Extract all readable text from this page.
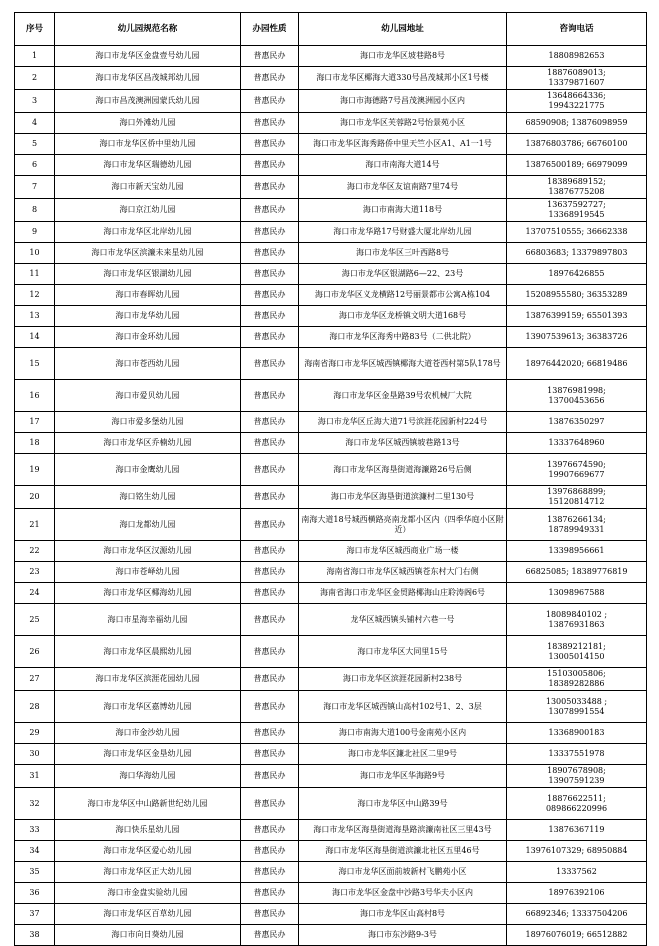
序号	幼儿园规范名称	办园性质	幼儿园地址	咨询电话
1	海口市龙华区金盘壹号幼儿园	普惠民办	海口市龙华区坡巷路8号	18808982653
2	海口市龙华区昌茂城邦幼儿园	普惠民办	海口市龙华区椰海大道330号昌茂城邦小区1号楼	18876089013;
13379871607
3	海口市昌茂澳洲园蒙氏幼儿园	普惠民办	海口市海德路7号昌茂澳洲园小区内	13648664336;
19943221775
4	海口外滩幼儿园	普惠民办	海口市龙华区芙蓉路2号怡景苑小区	68590908; 13876098959
5	海口市龙华区侨中里幼儿园	普惠民办	海口市龙华区海秀路侨中里天竺小区A1、A1一1号	13876803786; 66760100
6	海口市龙华区瑞德幼儿园	普惠民办	海口市南海大道14号	13876500189; 66979099
7	海口市新天宝幼儿园	普惠民办	海口市龙华区友谊南路7里74号	18389689152;
13876775208
8	海口京江幼儿园	普惠民办	海口市南海大道118号	13637592727;
13368919545
9	海口市龙华区北岸幼儿园	普惠民办	海口市龙华路17号财盛大厦北岸幼儿园	13707510555; 36662338
10	海口市龙华区滨濂未来星幼儿园	普惠民办	海口市龙华区三叶西路8号	66803683; 13379897803
11	海口市龙华区银湖幼儿园	普惠民办	海口市龙华区银湖路6—22、23号	18976426855
12	海口市春晖幼儿园	普惠民办	海口市龙华区义龙横路12号丽景都市公寓A栋104	15208955580; 36353289
13	海口市龙华幼儿园	普惠民办	海口市龙华区龙桥镇文明大道168号	13876399159; 65501393
14	海口市金环幼儿园	普惠民办	海口市龙华区海秀中路83号（二供北院）	13907539613; 36383726
15	海口市苍西幼儿园	普惠民办	海南省海口市龙华区城西镇椰海大道苍西村第5队178号	18976442020; 66819486
16	海口市爱贝幼儿园	普惠民办	海口市龙华区金垦路39号农机械厂大院	13876981998;
13700453656
17	海口市爱多堡幼儿园	普惠民办	海口市龙华区丘海大道71号滨涯花园新村224号	13876350297
18	海口市龙华区乔楠幼儿园	普惠民办	海口市龙华区城西镇坡巷路13号	13337648960
19	海口市金鹰幼儿园	普惠民办	海口市龙华区海垦街道海濂路26号后侧	13976674590;
19907669677
20	海口铭生幼儿园	普惠民办	海口市龙华区海垦街道滨濂村二里130号	13976868899;
15120814712
21	海口龙都幼儿园	普惠民办	南海大道18号城西横路亮南龙都小区内（四季华庭小区附近）	13876266134;
18789949331
22	海口市龙华区汉源幼儿园	普惠民办	海口市龙华区城西商业广场一楼	13398956661
23	海口市苍峄幼儿园	普惠民办	海南省海口市龙华区城西镇苍东村大门右侧	66825085; 18389776819
24	海口市龙华区椰海幼儿园	普惠民办	海南省海口市龙华区金贸路椰海山庄聆涛阁6号	13098967588
25	海口市星海幸福幼儿园	普惠民办	龙华区城西镇头铺村六巷一号	18089840102 ;
13876931863
26	海口市龙华区晨熙幼儿园	普惠民办	海口市龙华区大同里15号	18389212181;
13005014150
27	海口市龙华区滨涯花园幼儿园	普惠民办	海口市龙华区滨涯花园新村238号	15103005806;
18389282886
28	海口市龙华区嘉博幼儿园	普惠民办	海口市龙华区城西镇山高村102号1、2、3层	13005033488 ;
13078991554
29	海口市金沙幼儿园	普惠民办	海口市南海大道100号金南苑小区内	13368900183
30	海口市龙华区金垦幼儿园	普惠民办	海口市龙华区濂北社区二里9号	13337551978
31	海口华海幼儿园	普惠民办	海口市龙华区华海路9号	18907678908;
13907591239
32	海口市龙华区中山路新世纪幼儿园	普惠民办	海口市龙华区中山路39号	18876622511;
089866220996
33	海口快乐星幼儿园	普惠民办	海口市龙华区海垦街道海垦路滨濂南社区三里43号	13876367119
34	海口市龙华区爱心幼儿园	普惠民办	海口市龙华区海垦街道滨濂北社区五里46号	13976107329; 68950884
35	海口市龙华区正大幼儿园	普惠民办	海口市龙华区面前坡新村飞鹏苑小区	13337562
36	海口市金盘实验幼儿园	普惠民办	海口市龙华区金盘中沙路3号华夫小区内	18976392106
37	海口市龙华区百草幼儿园	普惠民办	海口市龙华区山高村8号	66892346; 13337504206
38	海口市向日葵幼儿园	普惠民办	海口市东沙路9-3号	18976076019; 66512882
